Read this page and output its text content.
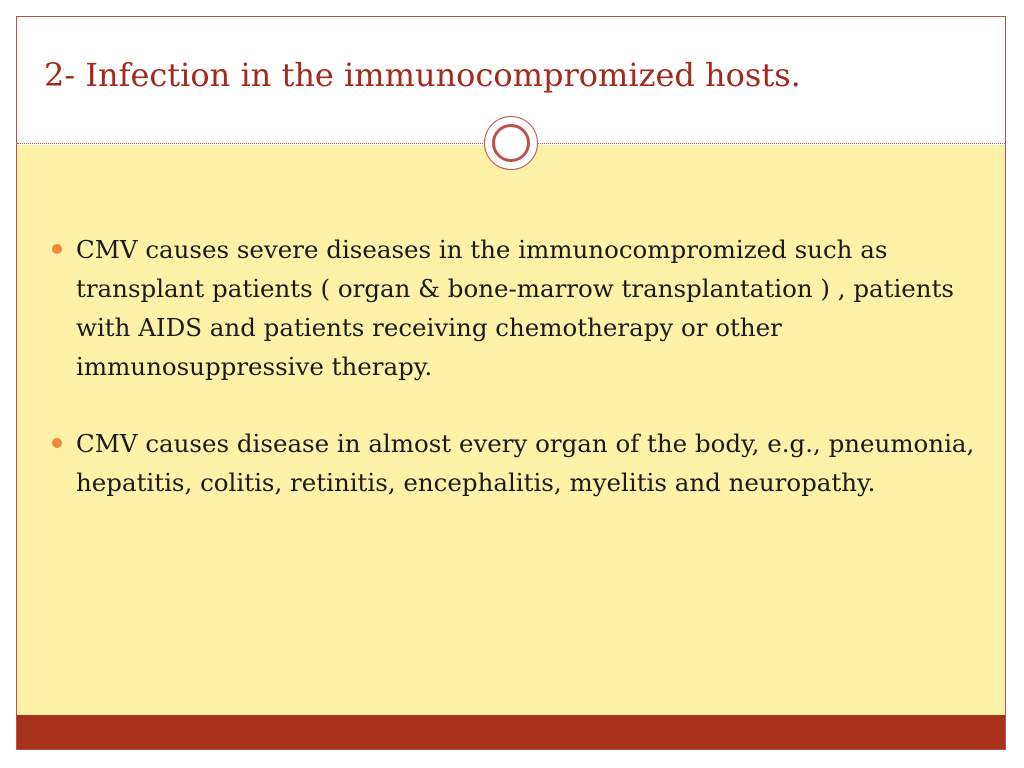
2- Infection in the immunocompromized hosts.
CMV causes severe diseases in the immunocompromized such as transplant patients ( organ & bone-marrow transplantation ) , patients with AIDS and patients receiving chemotherapy or other immunosuppressive therapy.
CMV causes disease in almost every organ of the body, e.g., pneumonia, hepatitis, colitis, retinitis, encephalitis, myelitis and neuropathy.
